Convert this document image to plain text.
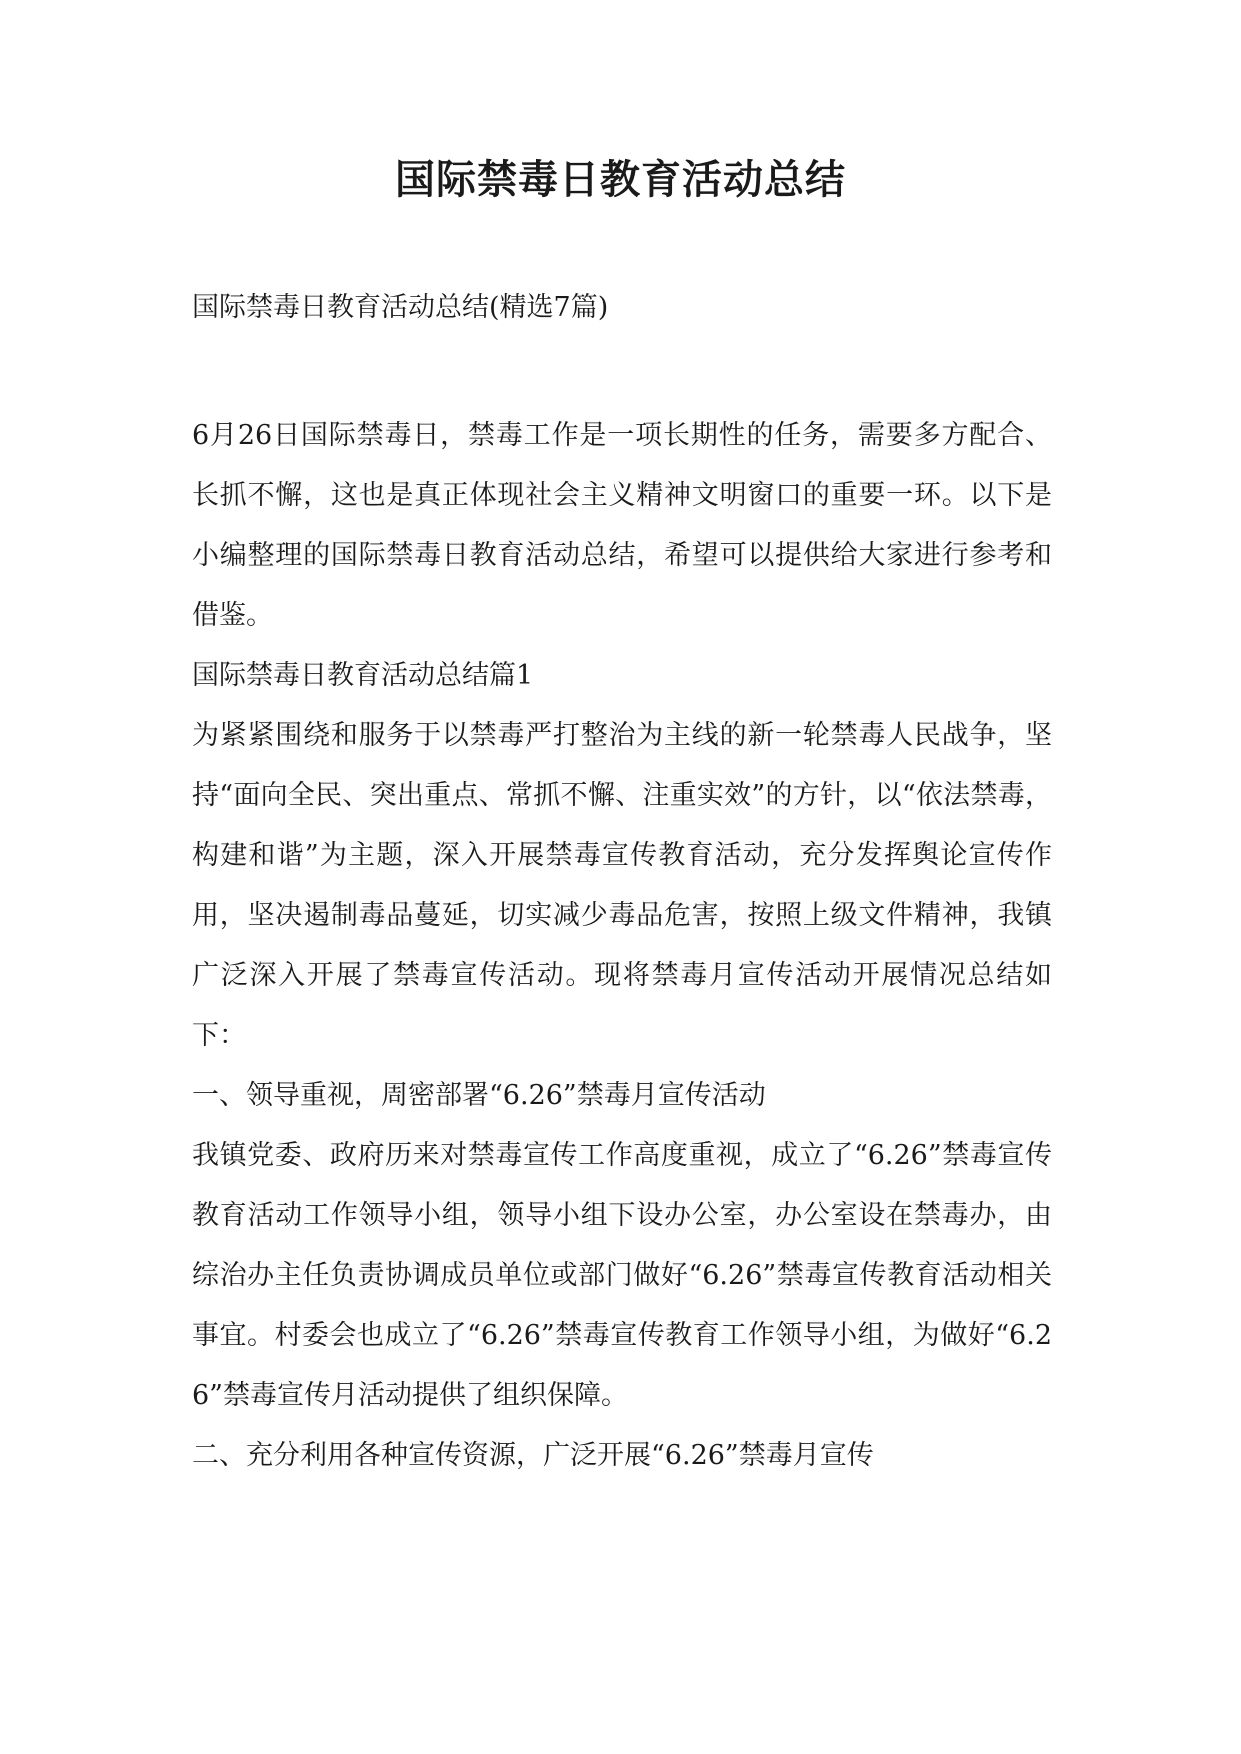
国际禁毒日教育活动总结
国际禁毒日教育活动总结(精选7篇)

6月26日国际禁毒日，禁毒工作是一项长期性的任务，需要多方配合、长抓不懈，这也是真正体现社会主义精神文明窗口的重要一环。以下是小编整理的国际禁毒日教育活动总结，希望可以提供给大家进行参考和借鉴。

国际禁毒日教育活动总结篇1

为紧紧围绕和服务于以禁毒严打整治为主线的新一轮禁毒人民战争，坚持“面向全民、突出重点、常抓不懈、注重实效”的方针，以“依法禁毒，构建和谐”为主题，深入开展禁毒宣传教育活动，充分发挥舆论宣传作用，坚决遏制毒品蔓延，切实减少毒品危害，按照上级文件精神，我镇广泛深入开展了禁毒宣传活动。现将禁毒月宣传活动开展情况总结如下：

一、领导重视，周密部署“6.26”禁毒月宣传活动

我镇党委、政府历来对禁毒宣传工作高度重视，成立了“6.26”禁毒宣传教育活动工作领导小组，领导小组下设办公室，办公室设在禁毒办，由综治办主任负责协调成员单位或部门做好“6.26”禁毒宣传教育活动相关事宜。村委会也成立了“6.26”禁毒宣传教育工作领导小组，为做好“6.26”禁毒宣传月活动提供了组织保障。

二、充分利用各种宣传资源，广泛开展“6.26”禁毒月宣传
